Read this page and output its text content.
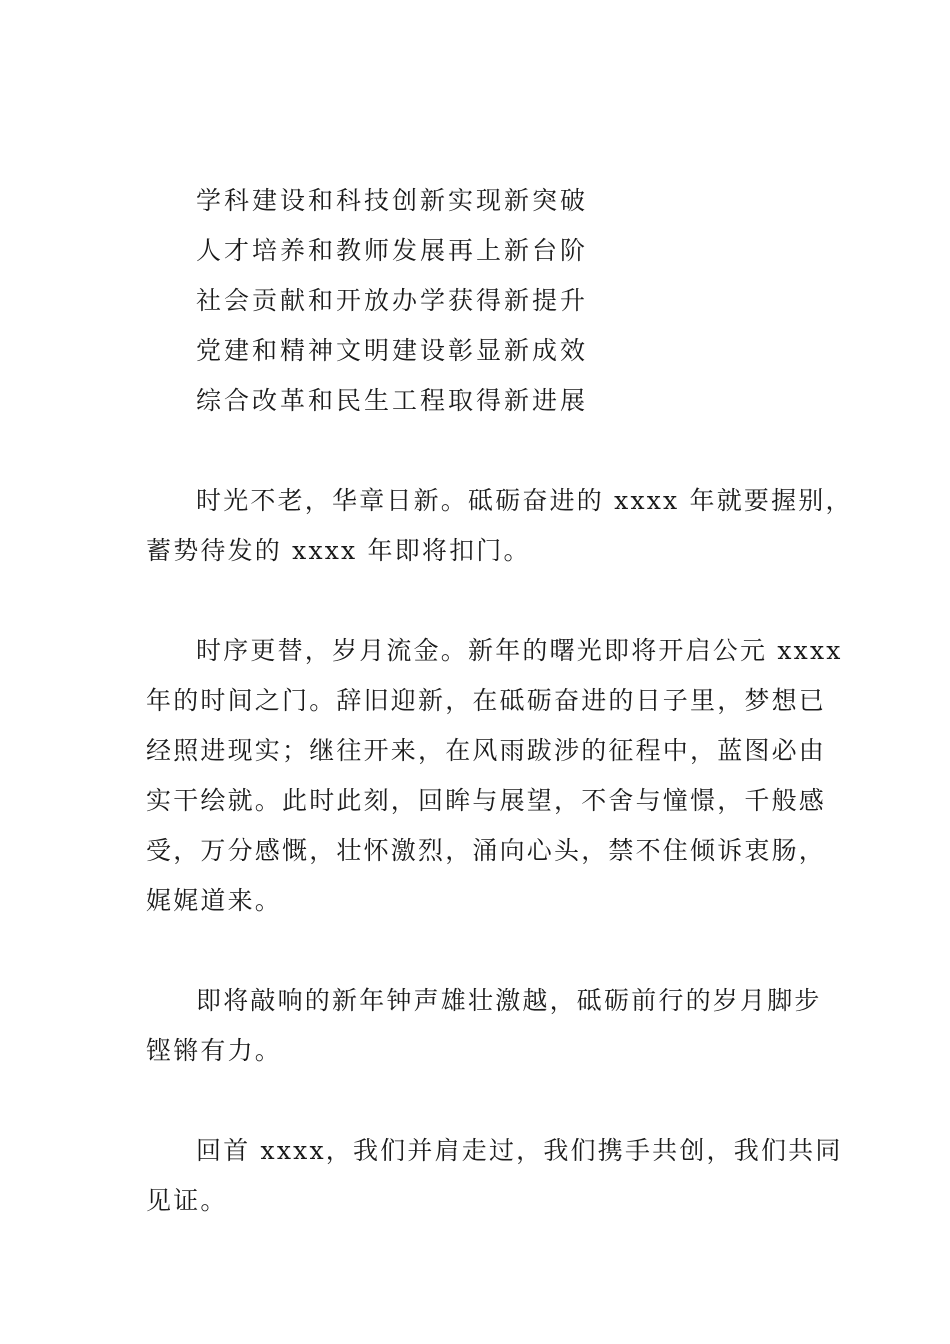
学科建设和科技创新实现新突破
人才培养和教师发展再上新台阶
社会贡献和开放办学获得新提升
党建和精神文明建设彰显新成效
综合改革和民生工程取得新进展
时光不老，华章日新。砥砺奋进的 xxxx 年就要握别，
蓄势待发的 xxxx 年即将扣门。
时序更替，岁月流金。新年的曙光即将开启公元 xxxx
年的时间之门。辞旧迎新，在砥砺奋进的日子里，梦想已
经照进现实；继往开来，在风雨跋涉的征程中，蓝图必由
实干绘就。此时此刻，回眸与展望，不舍与憧憬，千般感
受，万分感慨，壮怀激烈，涌向心头，禁不住倾诉衷肠，
娓娓道来。
即将敲响的新年钟声雄壮激越，砥砺前行的岁月脚步
铿锵有力。
回首 xxxx，我们并肩走过，我们携手共创，我们共同
见证。
